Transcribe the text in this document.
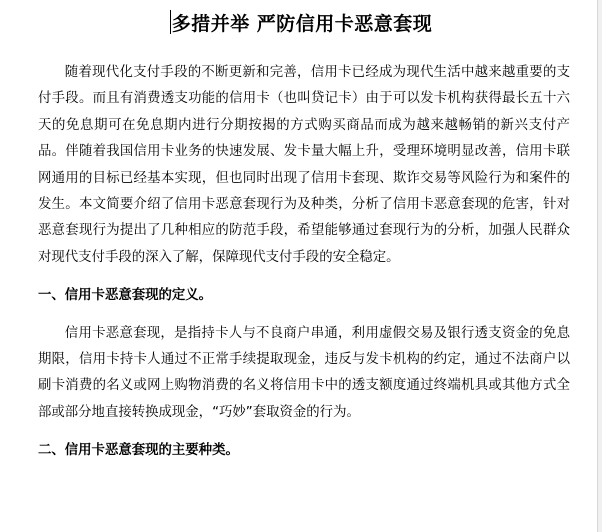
多措并举 严防信用卡恶意套现

随着现代化支付手段的不断更新和完善，信用卡已经成为现代生活中越来越重要的支付手段。而且有消费透支功能的信用卡（也叫贷记卡）由于可以发卡机构获得最长五十六天的免息期可在免息期内进行分期按揭的方式购买商品而成为越来越畅销的新兴支付产品。伴随着我国信用卡业务的快速发展、发卡量大幅上升，受理环境明显改善，信用卡联网通用的目标已经基本实现，但也同时出现了信用卡套现、欺诈交易等风险行为和案件的发生。本文简要介绍了信用卡恶意套现行为及种类，分析了信用卡恶意套现的危害，针对恶意套现行为提出了几种相应的防范手段，希望能够通过套现行为的分析，加强人民群众对现代支付手段的深入了解，保障现代支付手段的安全稳定。

一、信用卡恶意套现的定义。

信用卡恶意套现，是指持卡人与不良商户串通，利用虚假交易及银行透支资金的免息期限，信用卡持卡人通过不正常手续提取现金，违反与发卡机构的约定，通过不法商户以刷卡消费的名义或网上购物消费的名义将信用卡中的透支额度通过终端机具或其他方式全部或部分地直接转换成现金，“巧妙”套取资金的行为。

二、信用卡恶意套现的主要种类。
